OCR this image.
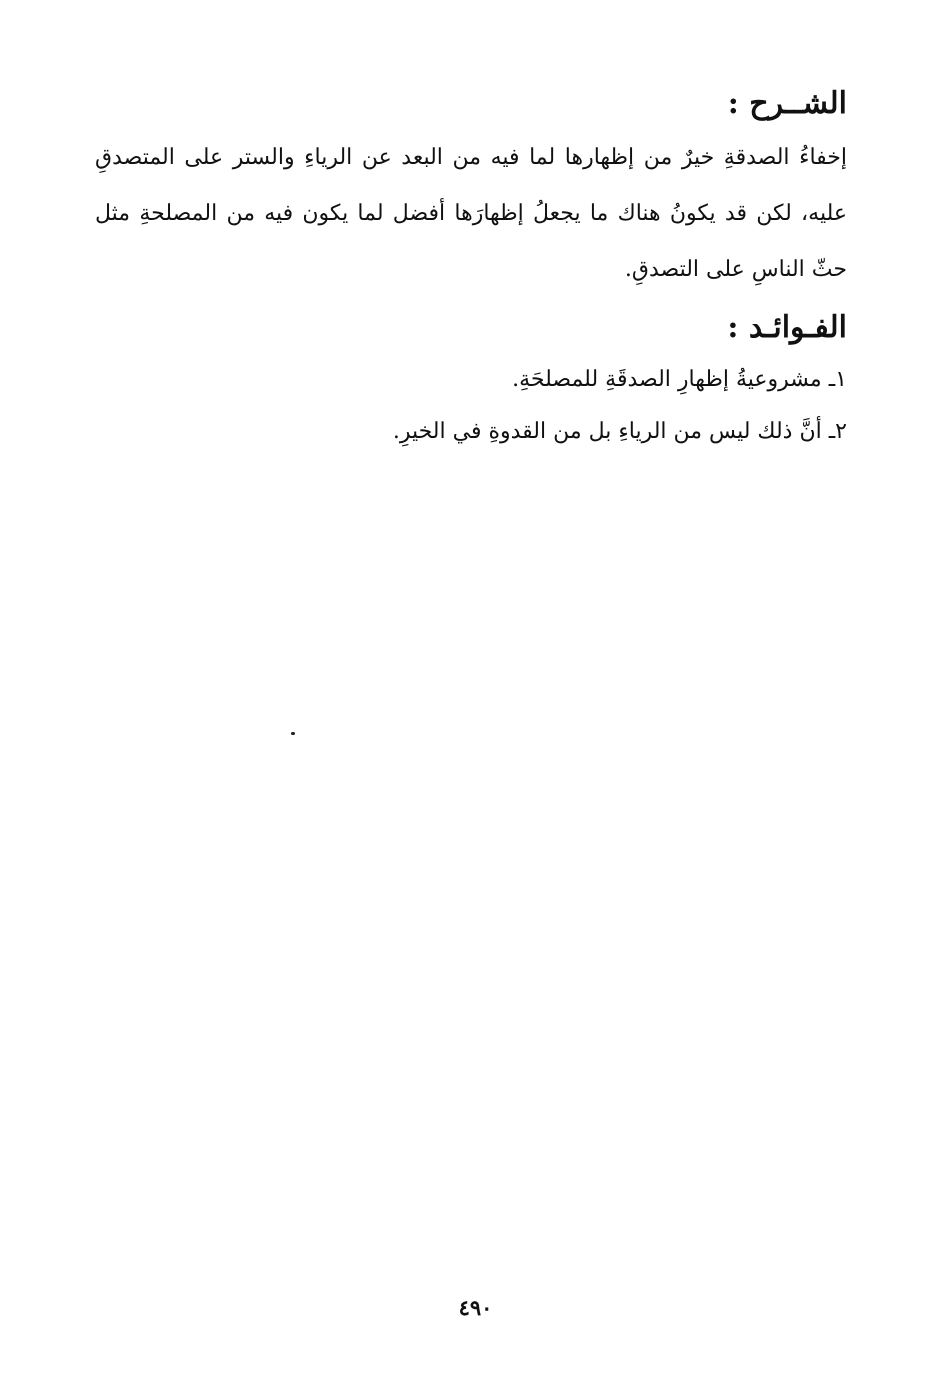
الشــرح :

إخفاءُ الصدقةِ خيرٌ من إظهارها لما فيه من البعد عن الرياءِ والستر على المتصدقِ عليه، لكن قد يكونُ هناك ما يجعلُ إظهارَها أفضل لما يكون فيه من المصلحةِ مثل حثّ الناسِ على التصدقِ.

الفـوائـد :
١ـ مشروعيةُ إظهارِ الصدقَةِ للمصلحَةِ.
٢ـ أنَّ ذلك ليس من الرياءِ بل من القدوةِ في الخيرِ.
٤٩٠
